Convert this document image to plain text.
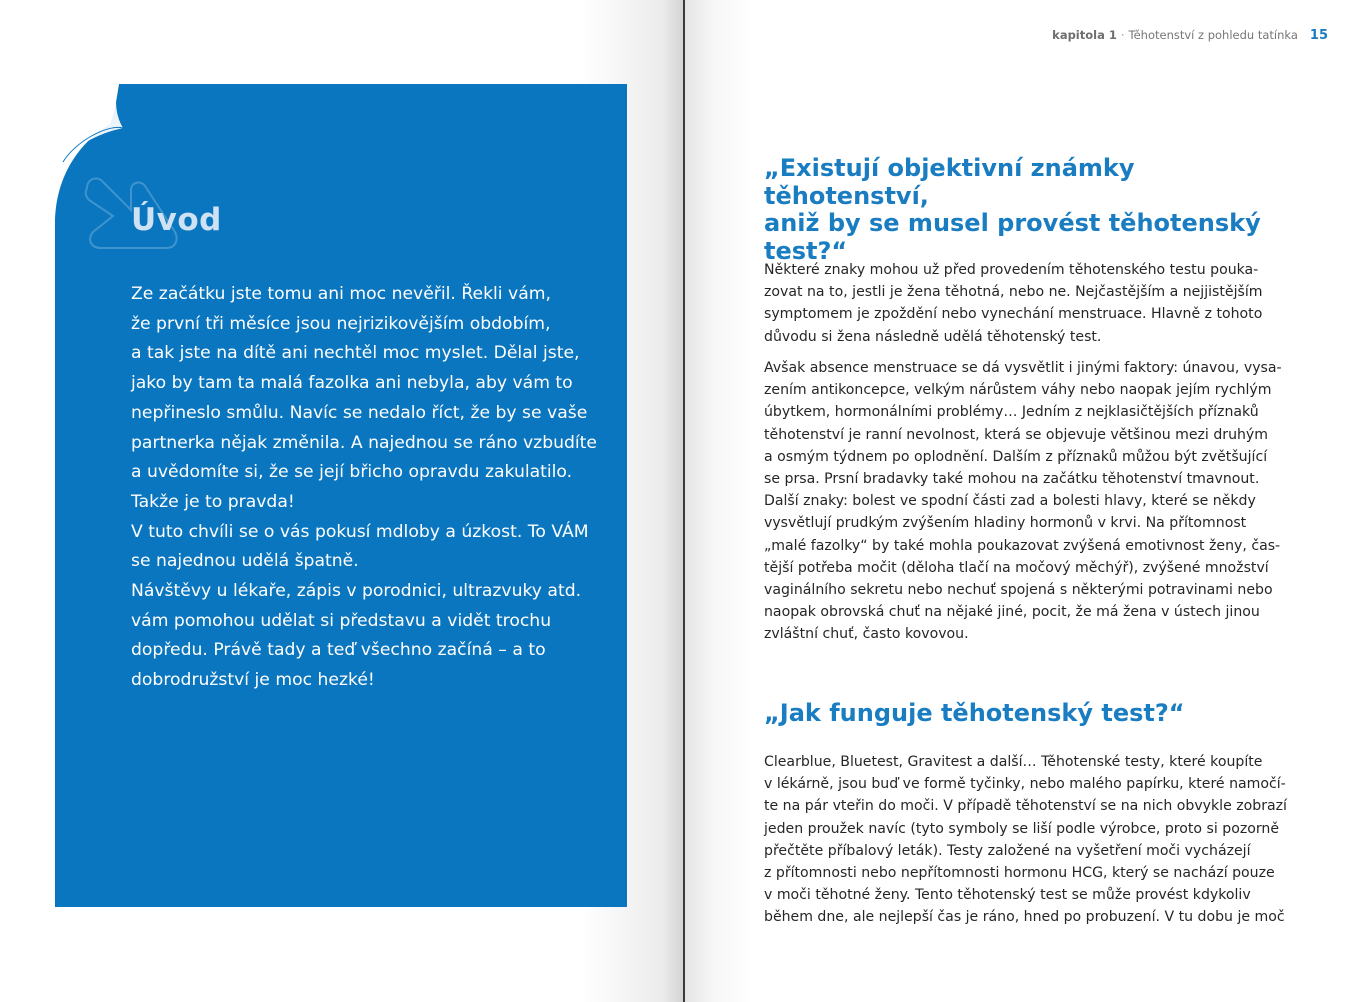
Úvod

Ze začátku jste tomu ani moc nevěřil. Řekli vám,

že první tři měsíce jsou nejrizikovějším obdobím,

a tak jste na dítě ani nechtěl moc myslet. Dělal jste,

jako by tam ta malá fazolka ani nebyla, aby vám to

nepřineslo smůlu. Navíc se nedalo říct, že by se vaše

partnerka nějak změnila. A najednou se ráno vzbudíte

a uvědomíte si, že se její břicho opravdu zakulatilo.

Takže je to pravda!

V tuto chvíli se o vás pokusí mdloby a úzkost. To VÁM

se najednou udělá špatně.

Návštěvy u lékaře, zápis v porodnici, ultrazvuky atd.

vám pomohou udělat si představu a vidět trochu

dopředu. Právě tady a teď všechno začíná – a to

dobrodružství je moc hezké!

kapitola 1 · Těhotenství z pohledu tatínka 15
„Existují objektivní známky těhotenství,
aniž by se musel provést těhotenský
test?“

Některé znaky mohou už před provedením těhotenského testu pouka-

zovat na to, jestli je žena těhotná, nebo ne. Nejčastějším a nejjistějším

symptomem je zpoždění nebo vynechání menstruace. Hlavně z tohoto

důvodu si žena následně udělá těhotenský test.

Avšak absence menstruace se dá vysvětlit i jinými faktory: únavou, vysa-

zením antikoncepce, velkým nárůstem váhy nebo naopak jejím rychlým

úbytkem, hormonálními problémy… Jedním z nejklasičtějších příznaků

těhotenství je ranní nevolnost, která se objevuje většinou mezi druhým

a osmým týdnem po oplodnění. Dalším z příznaků můžou být zvětšující

se prsa. Prsní bradavky také mohou na začátku těhotenství tmavnout.

Další znaky: bolest ve spodní části zad a bolesti hlavy, které se někdy

vysvětlují prudkým zvýšením hladiny hormonů v krvi. Na přítomnost

„malé fazolky“ by také mohla poukazovat zvýšená emotivnost ženy, čas-

tější potřeba močit (děloha tlačí na močový měchýř), zvýšené množství

vaginálního sekretu nebo nechuť spojená s některými potravinami nebo

naopak obrovská chuť na nějaké jiné, pocit, že má žena v ústech jinou

zvláštní chuť, často kovovou.

„Jak funguje těhotenský test?“

Clearblue, Bluetest, Gravitest a další… Těhotenské testy, které koupíte

v lékárně, jsou buď ve formě tyčinky, nebo malého papírku, které namočí-

te na pár vteřin do moči. V případě těhotenství se na nich obvykle zobrazí

jeden proužek navíc (tyto symboly se liší podle výrobce, proto si pozorně

přečtěte příbalový leták). Testy založené na vyšetření moči vycházejí

z přítomnosti nebo nepřítomnosti hormonu HCG, který se nachází pouze

v moči těhotné ženy. Tento těhotenský test se může provést kdykoliv

během dne, ale nejlepší čas je ráno, hned po probuzení. V tu dobu je moč
